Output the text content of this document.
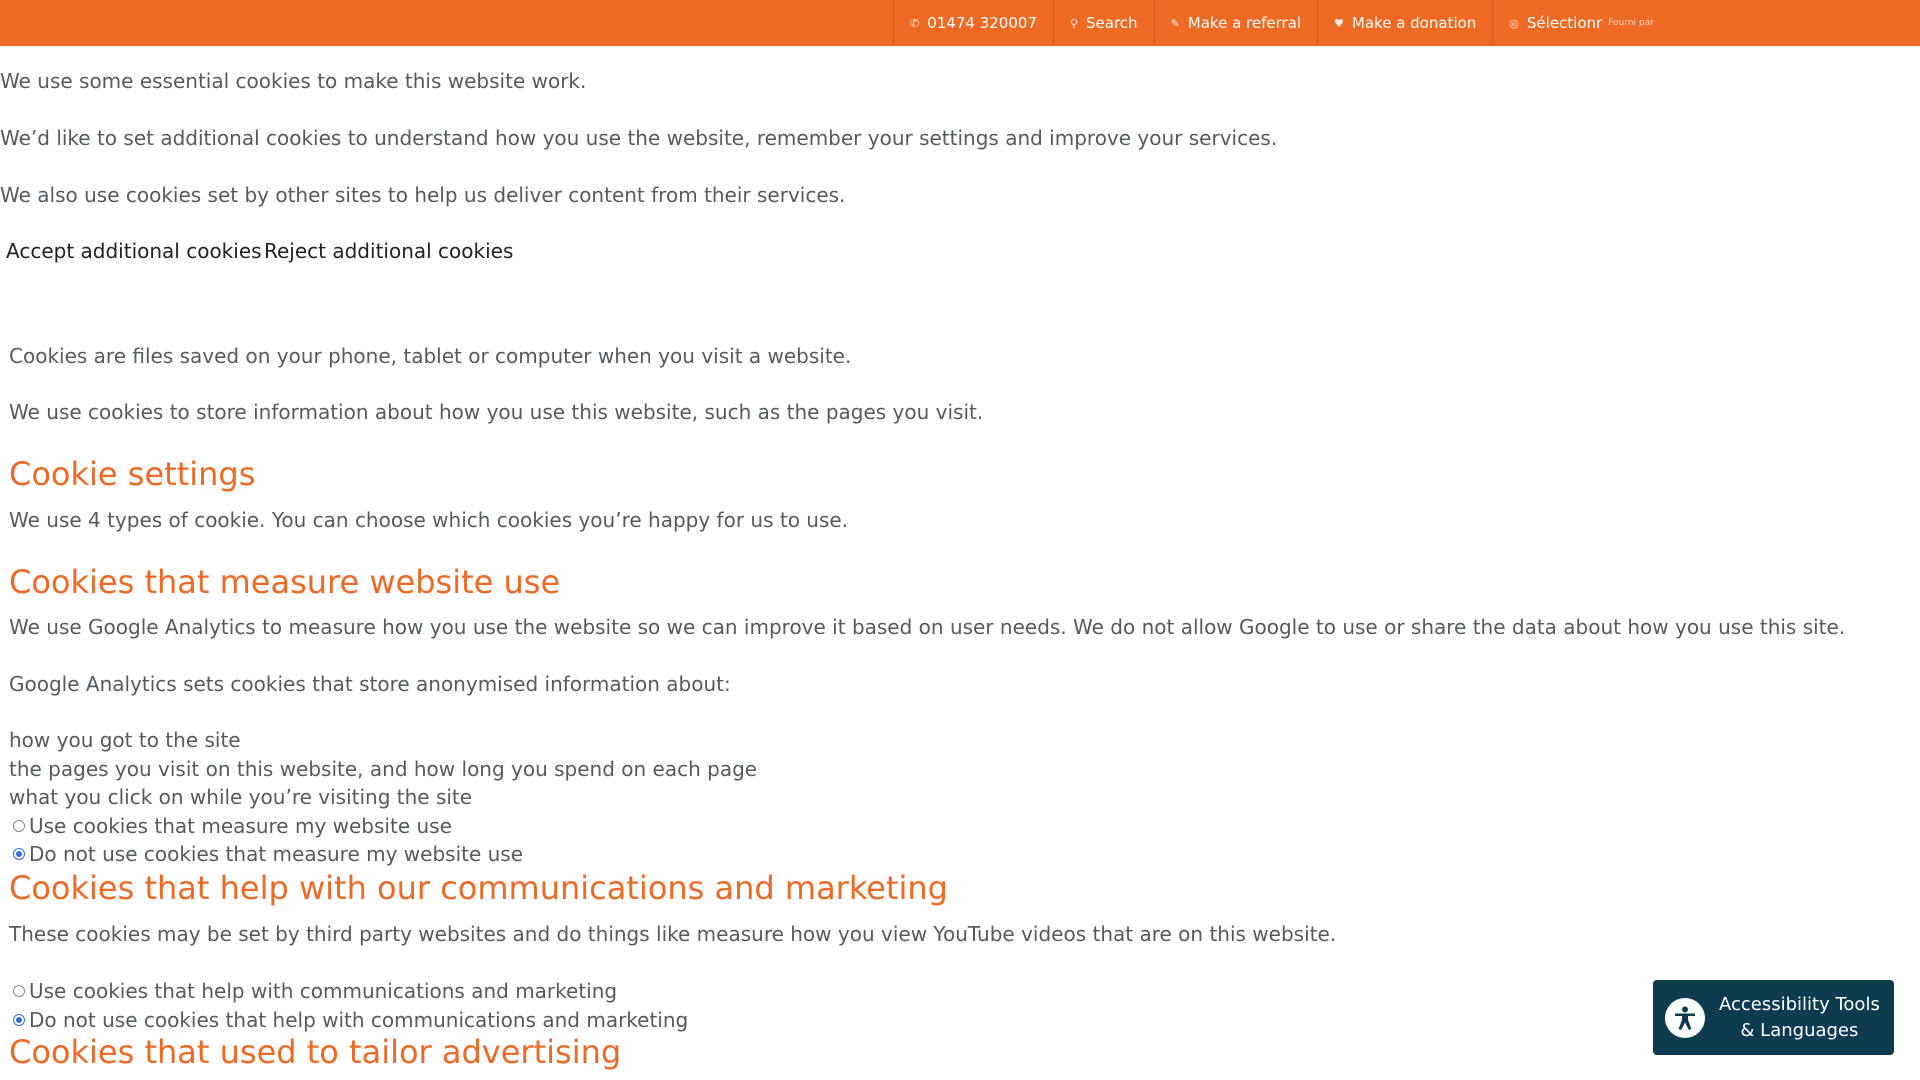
✆ 01474 320007	⚲ Search	✎ Make a referral	♥ Make a donation	◎ Sélectionr Fourni par

We use some essential cookies to make this website work.

We’d like to set additional cookies to understand how you use the website, remember your settings and improve your services.

We also use cookies set by other sites to help us deliver content from their services.

Accept additional cookies Reject additional cookies

Cookies are files saved on your phone, tablet or computer when you visit a website.

We use cookies to store information about how you use this website, such as the pages you visit.

Cookie settings

We use 4 types of cookie. You can choose which cookies you’re happy for us to use.

Cookies that measure website use

We use Google Analytics to measure how you use the website so we can improve it based on user needs. We do not allow Google to use or share the data about how you use this site.

Google Analytics sets cookies that store anonymised information about:

how you got to the site

the pages you visit on this website, and how long you spend on each page

what you click on while you’re visiting the site

Use cookies that measure my website use
Do not use cookies that measure my website use
Cookies that help with our communications and marketing

These cookies may be set by third party websites and do things like measure how you view YouTube videos that are on this website.

Use cookies that help with communications and marketing
Do not use cookies that help with communications and marketing
Cookies that used to tailor advertising
Accessibility Tools
& Languages
